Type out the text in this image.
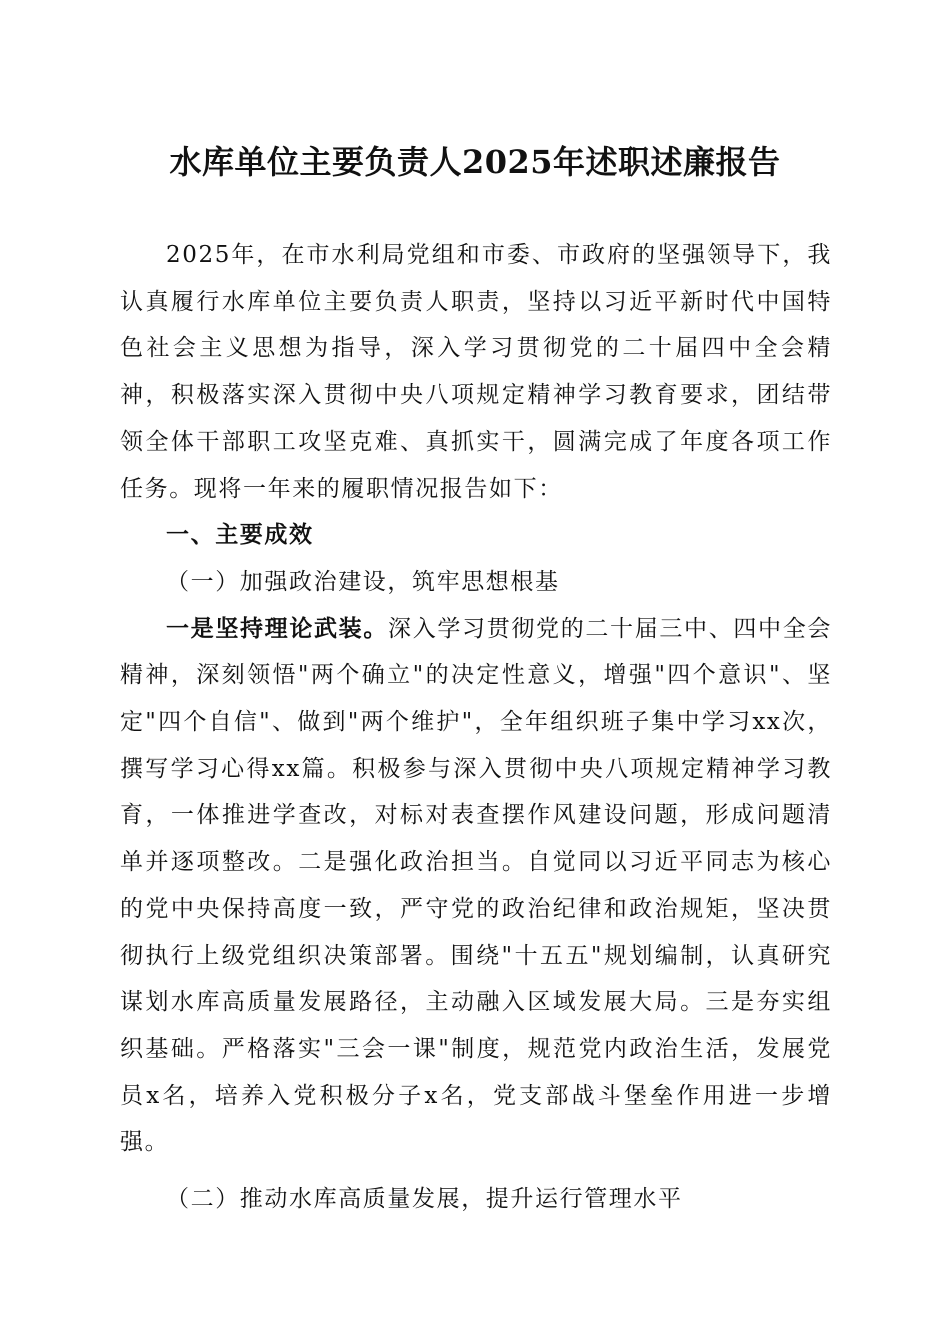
水库单位主要负责人2025年述职述廉报告

2025年，在市水利局党组和市委、市政府的坚强领导下，我认真履行水库单位主要负责人职责，坚持以习近平新时代中国特色社会主义思想为指导，深入学习贯彻党的二十届四中全会精神，积极落实深入贯彻中央八项规定精神学习教育要求，团结带领全体干部职工攻坚克难、真抓实干，圆满完成了年度各项工作任务。现将一年来的履职情况报告如下：

一、主要成效

（一）加强政治建设，筑牢思想根基

一是坚持理论武装。深入学习贯彻党的二十届三中、四中全会精神，深刻领悟"两个确立"的决定性意义，增强"四个意识"、坚定"四个自信"、做到"两个维护"，全年组织班子集中学习xx次，撰写学习心得xx篇。积极参与深入贯彻中央八项规定精神学习教育，一体推进学查改，对标对表查摆作风建设问题，形成问题清单并逐项整改。二是强化政治担当。自觉同以习近平同志为核心的党中央保持高度一致，严守党的政治纪律和政治规矩，坚决贯彻执行上级党组织决策部署。围绕"十五五"规划编制，认真研究谋划水库高质量发展路径，主动融入区域发展大局。三是夯实组织基础。严格落实"三会一课"制度，规范党内政治生活，发展党员x名，培养入党积极分子x名，党支部战斗堡垒作用进一步增强。

（二）推动水库高质量发展，提升运行管理水平
